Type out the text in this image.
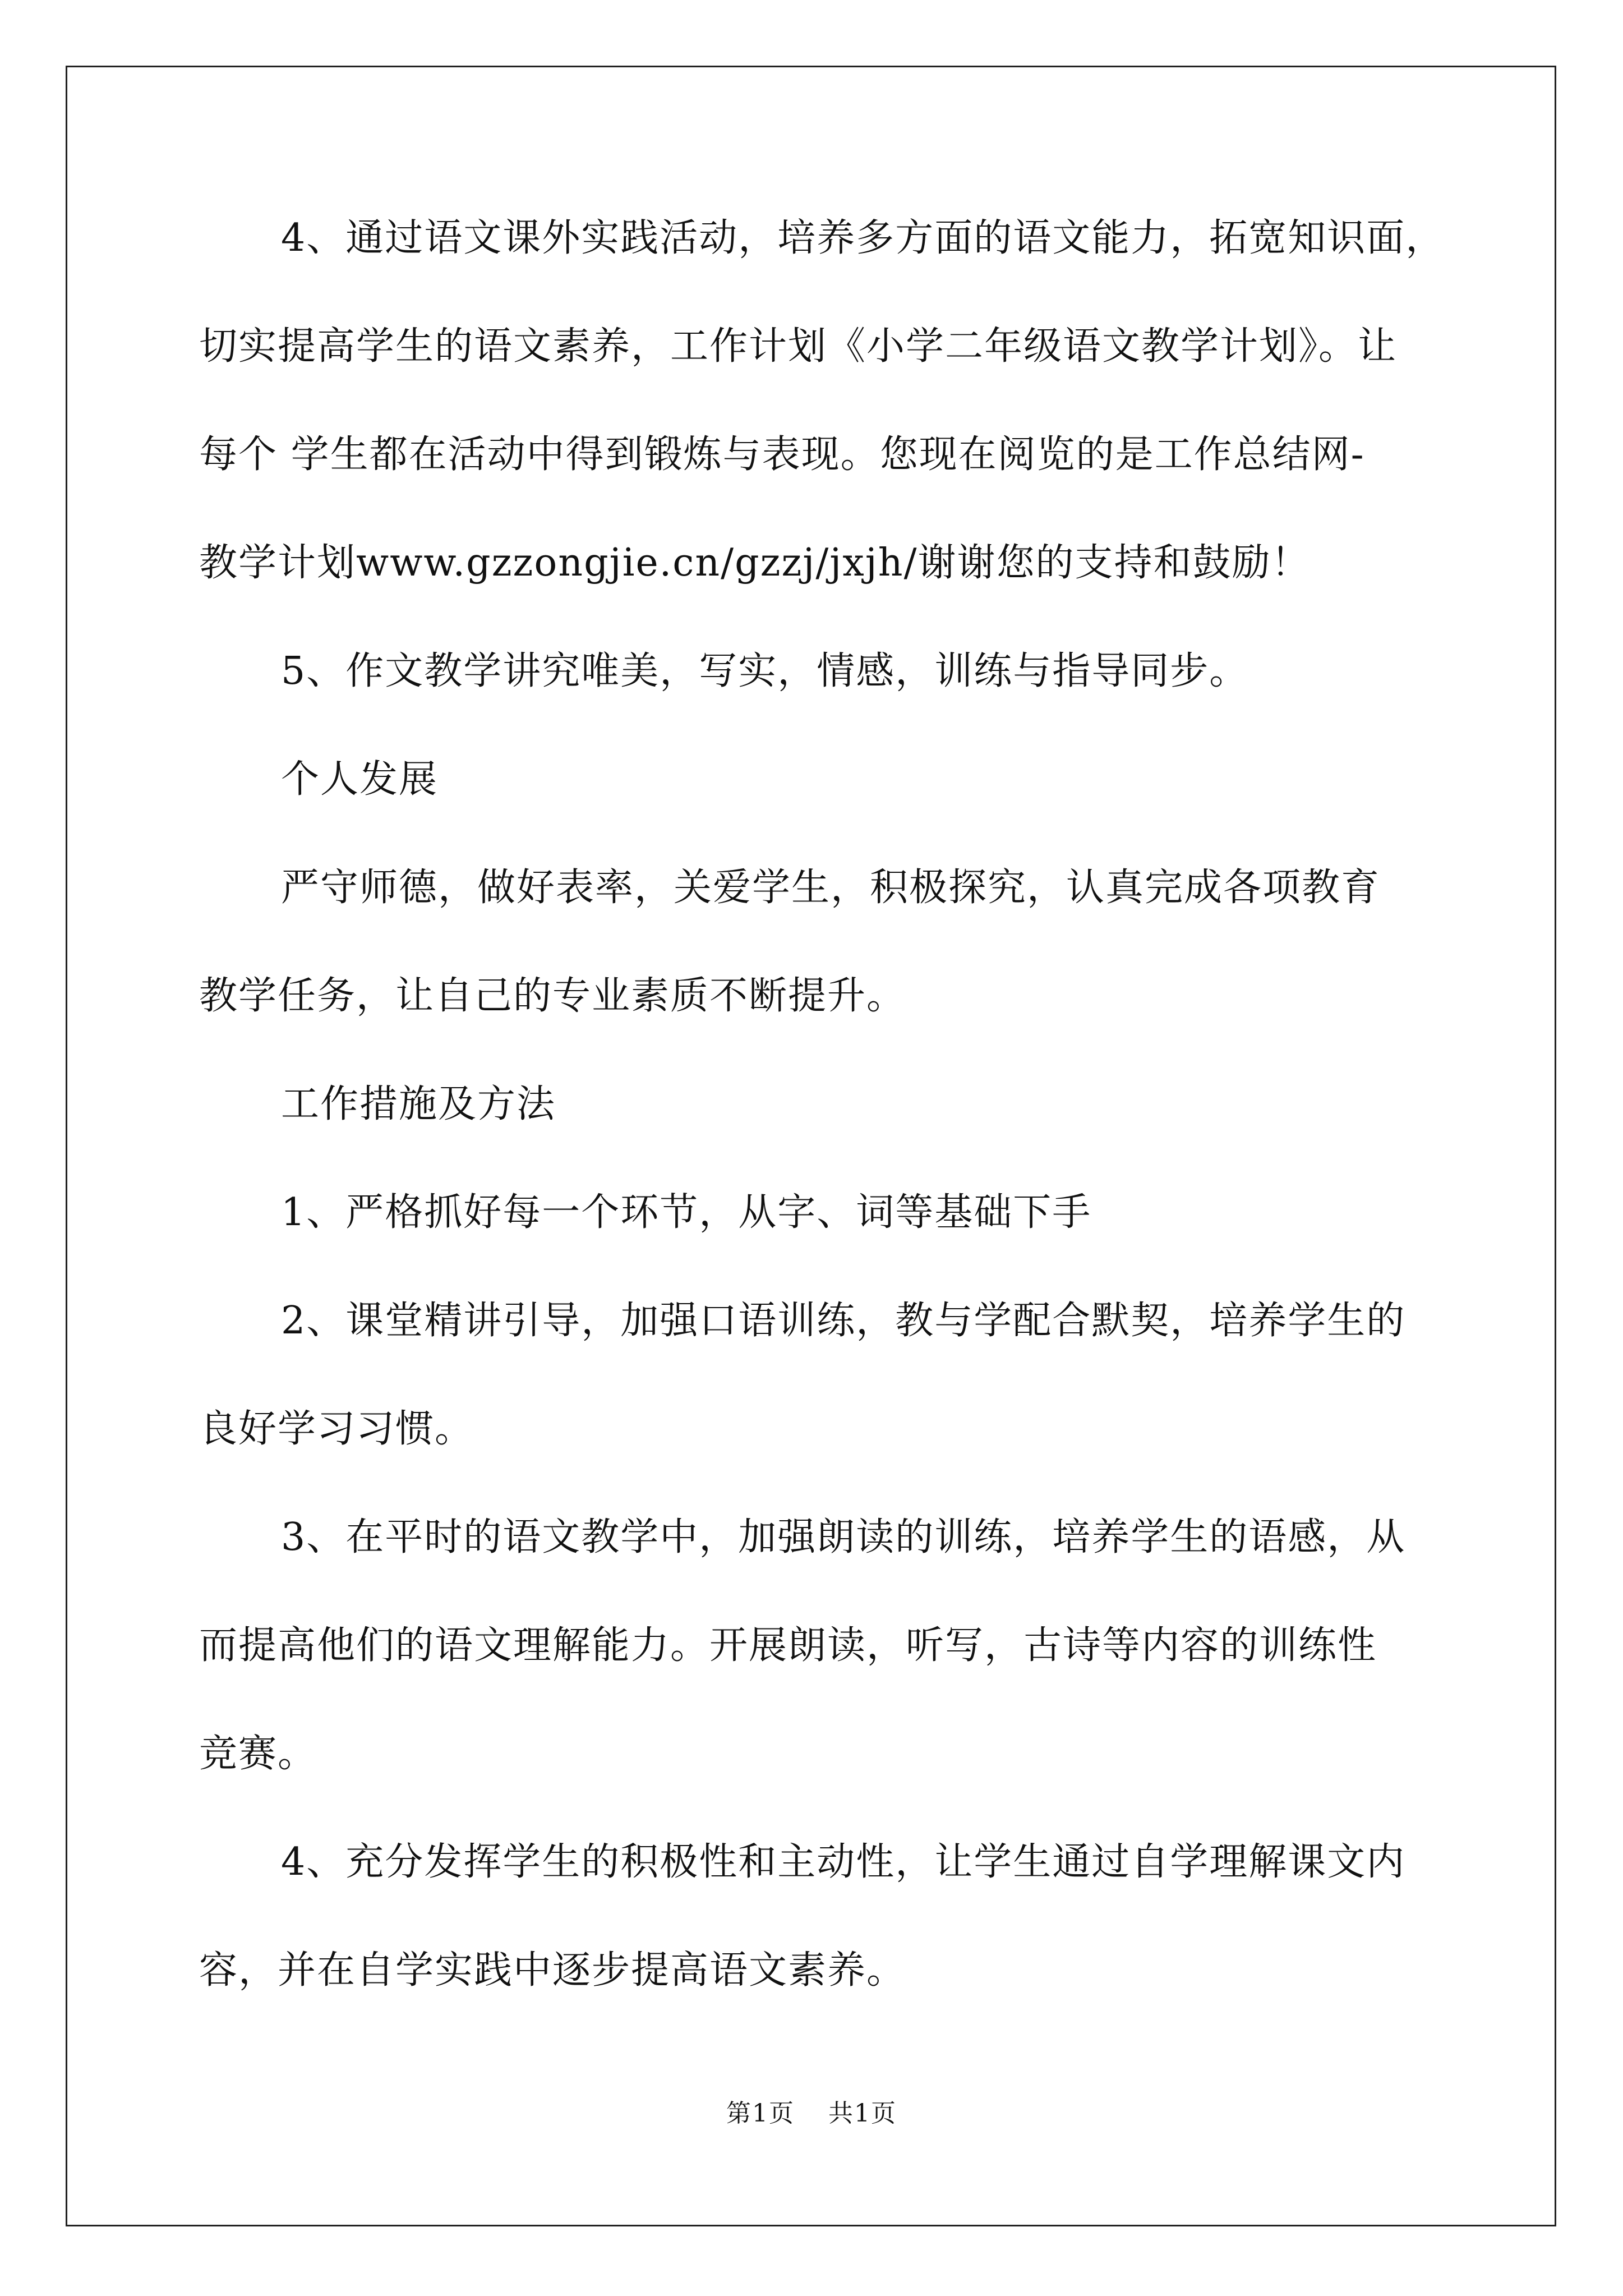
4、通过语文课外实践活动，培养多方面的语文能力，拓宽知识面，
切实提高学生的语文素养，工作计划《小学二年级语文教学计划》。让
每个 学生都在活动中得到锻炼与表现。您现在阅览的是工作总结网-
教学计划www.gzzongjie.cn/gzzj/jxjh/谢谢您的支持和鼓励！
5、作文教学讲究唯美，写实，情感，训练与指导同步。
个人发展
严守师德，做好表率，关爱学生，积极探究，认真完成各项教育
教学任务，让自己的专业素质不断提升。
工作措施及方法
1、严格抓好每一个环节，从字、词等基础下手
2、课堂精讲引导，加强口语训练，教与学配合默契，培养学生的
良好学习习惯。
3、在平时的语文教学中，加强朗读的训练，培养学生的语感，从
而提高他们的语文理解能力。开展朗读，听写，古诗等内容的训练性
竞赛。
4、充分发挥学生的积极性和主动性，让学生通过自学理解课文内
容，并在自学实践中逐步提高语文素养。
第1页 共1页
